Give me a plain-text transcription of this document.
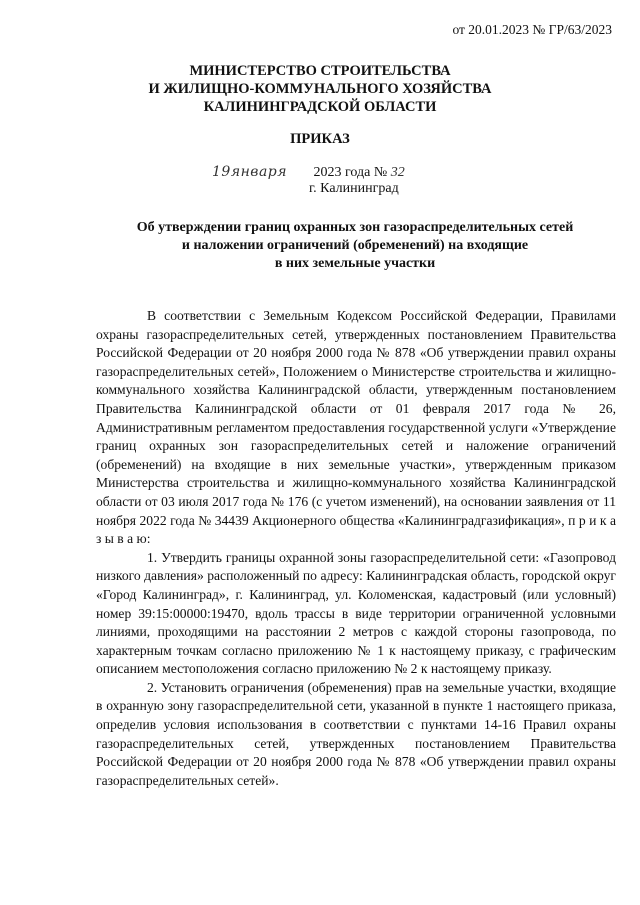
от 20.01.2023 № ГР/63/2023
МИНИСТЕРСТВО СТРОИТЕЛЬСТВА
И ЖИЛИЩНО-КОММУНАЛЬНОГО ХОЗЯЙСТВА
КАЛИНИНГРАДСКОЙ ОБЛАСТИ
ПРИКАЗ
19января 2023 года № 32
г. Калининград
Об утверждении границ охранных зон газораспределительных сетей
и наложении ограничений (обременений) на входящие
в них земельные участки

В соответствии с Земельным Кодексом Российской Федерации, Правилами охраны газораспределительных сетей, утвержденных постановлением Правительства Российской Федерации от 20 ноября 2000 года № 878 «Об утверждении правил охраны газораспределительных сетей», Положением о Министерстве строительства и жилищно-коммунального хозяйства Калининградской области, утвержденным постановлением Правительства Калининградской области от 01 февраля 2017 года № 26, Административным регламентом предоставления государственной услуги «Утверждение границ охранных зон газораспределительных сетей и наложение ограничений (обременений) на входящие в них земельные участки», утвержденным приказом Министерства строительства и жилищно-коммунального хозяйства Калининградской области от 03 июля 2017 года № 176 (с учетом изменений), на основании заявления от 11 ноября 2022 года № 34439 Акционерного общества «Калининградгазификация», п р и к а з ы в а ю:

1. Утвердить границы охранной зоны газораспределительной сети: «Газопровод низкого давления» расположенный по адресу: Калининградская область, городской округ «Город Калининград», г. Калининград, ул. Коломенская, кадастровый (или условный) номер 39:15:00000:19470, вдоль трассы в виде территории ограниченной условными линиями, проходящими на расстоянии 2 метров с каждой стороны газопровода, по характерным точкам согласно приложению № 1 к настоящему приказу, с графическим описанием местоположения согласно приложению № 2 к настоящему приказу.

2. Установить ограничения (обременения) прав на земельные участки, входящие в охранную зону газораспределительной сети, указанной в пункте 1 настоящего приказа, определив условия использования в соответствии с пунктами 14-16 Правил охраны газораспределительных сетей, утвержденных постановлением Правительства Российской Федерации от 20 ноября 2000 года № 878 «Об утверждении правил охраны газораспределительных сетей».
